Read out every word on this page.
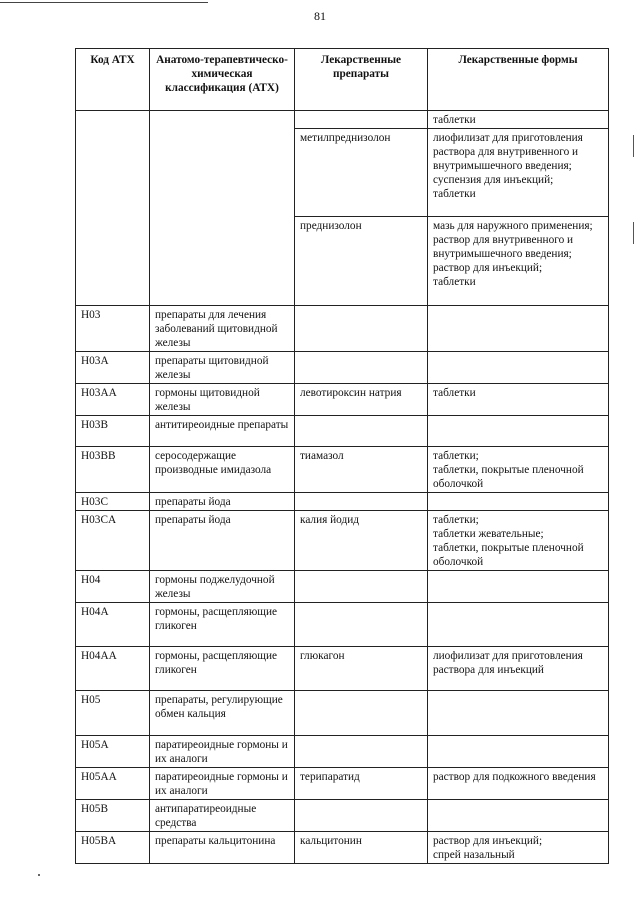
81
Код АТХ	Анатомо-терапевтическо-химическая классификация (АТХ)	Лекарственные препараты	Лекарственные формы

			таблетки

		метилпреднизолон	лиофилизат для приготовления раствора для внутривенного и внутримышечного введения;
суспензия для инъекций;
таблетки

		преднизолон	мазь для наружного применения;
раствор для внутривенного и внутримышечного введения;
раствор для инъекций;
таблетки

H03	препараты для лечения заболеваний щитовидной железы		
H03A	препараты щитовидной железы		
H03AA	гормоны щитовидной железы	левотироксин натрия	таблетки

H03B	антитиреоидные препараты		
H03BB	серосодержащие производные имидазола	тиамазол	таблетки;
таблетки, покрытые пленочной оболочкой

H03C	препараты йода		
H03CA	препараты йода	калия йодид	таблетки;
таблетки жевательные;
таблетки, покрытые пленочной оболочкой

H04	гормоны поджелудочной железы		
H04A	гормоны, расщепляющие гликоген		
H04AA	гормоны, расщепляющие гликоген	глюкагон	лиофилизат для приготовления раствора для инъекций

H05	препараты, регулирующие обмен кальция		
H05A	паратиреоидные гормоны и их аналоги		
H05AA	паратиреоидные гормоны и их аналоги	терипаратид	раствор для подкожного введения

H05B	антипаратиреоидные средства		
H05BA	препараты кальцитонина	кальцитонин	раствор для инъекций;
спрей назальный
